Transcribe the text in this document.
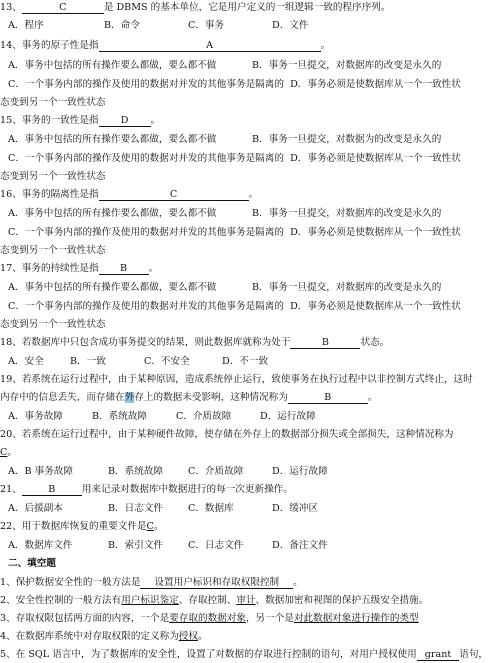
13、	C	是 DBMS 的基本单位，它是用户定义的一组逻辑一致的程序序列。
A．程序	B．命令	C．事务	D．文件
14、事务的原子性是指	A	。
A．事务中包括的所有操作要么都做，要么都不做	B．事务一旦提交，对数据库的改变是永久的
C．一个事务内部的操作及使用的数据对并发的其他事务是隔离的 D．事务必须是使数据库从一个一致性状
态变到另一个一致性状态
15、事务的一致性是指 D 。
A．事务中包括的所有操作要么都做，要么都不做	B．事务一旦提交，对数据为的改变是永久的
C．一个事务内部的操作及使用的数据对并发的其他事务是隔离的 D．事务必须是使数据库从一个一致性状
态变到另一个一致性状态
16、事务的隔离性是指	C	。
A．事务中包括的所有操作要么都做，要么都不做	B．事务一旦提交，对数据库的改变是永久的
C．一个事务内部的操作及使用的数据对并发的其他事务是隔离的 D．事务必须是使数据库从一个一致性状
态变到另一个一致性状态
17、事务的持续性是指 B 。
A．事务中包括的所有操作要么都做，要么都不做	B．事务一旦提交，对数据库的改变是永久的
C．一个事务内部的操作及使用的数据对并发的其他事务是隔离的 D．事务必须是使数据库从一个一致性状
态变到另一个一致性状态
18、若数据库中只包含成功事务提交的结果，则此数据库就称为处于	B	状态。
A．安全	B．一致	C．不安全	D．不一致
19、若系统在运行过程中，由于某种原因，造成系统停止运行，致使事务在执行过程中以非控制方式终止，这时
内存中的信息丢失，而存储在外存上的数据未受影响，这种情况称为	B	。
A．事务故障	B．系统故障	C．介质故障	D．运行故障
20、若系统在运行过程中，由于某种硬件故障，使存储在外存上的数据部分损失或全部损失，这种情况称为
C。
A．B 事务故障	B．系统故障	C．介质故障	D．运行故障
21、	B	用来记录对数据库中数据进行的每一次更新操作。
A．后援副本	B．日志文件	C．数据库	D．缓冲区
22、用于数据库恢复的重要文件是C。
A．数据库文件	B．索引文件	C．日志文件	D．备注文件
二、填空题
1、保护数据安全性的一般方法是 设置用户标识和存取权限控制 。
2、安全性控制的一般方法有用户标识鉴定、存取控制、审计、数据加密和视图的保护五级安全措施。
3、存取权限包括两方面的内容，一个是要存取的数据对象，另一个是对此数据对象进行操作的类型
4、在数据库系统中对存取权限的定义称为授权。
5、在 SQL 语言中，为了数据库的安全性，设置了对数据的存取进行控制的语句，对用户授权使用 grant 语句，
